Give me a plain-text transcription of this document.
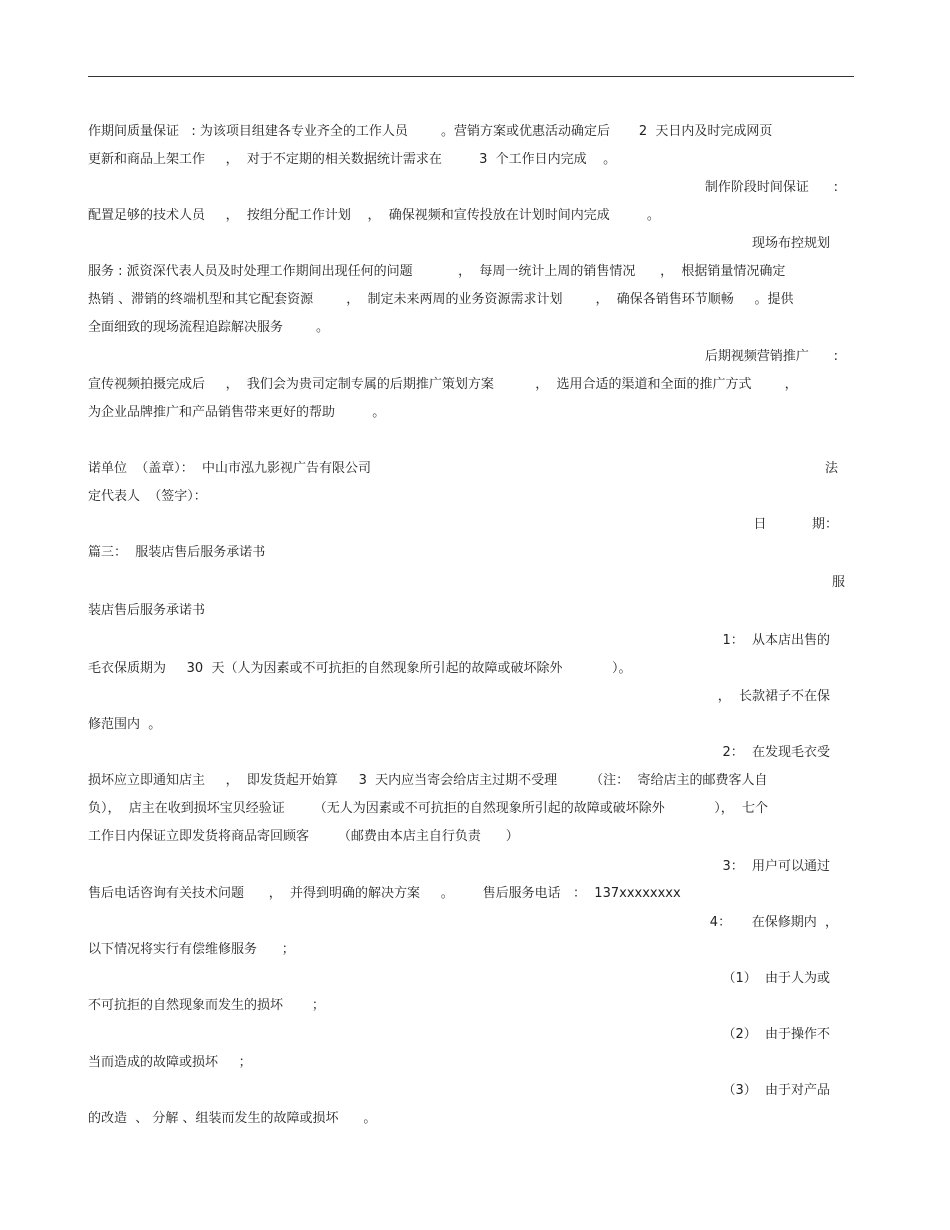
作期间质量保证   : 为该项目组建各专业齐全的工作人员        。营销方案或优惠活动确定后       2  天日内及时完成网页
更新和商品上架工作     ，  对于不定期的相关数据统计需求在         3  个工作日内完成    。
制作阶段时间保证      :
配置足够的技术人员     ，  按组分配工作计划    ，  确保视频和宣传投放在计划时间内完成         。
现场布控规划
服务 : 派资深代表人员及时处理工作期间出现任何的问题           ，  每周一统计上周的销售情况      ，  根据销量情况确定
热销 、滞销的终端机型和其它配套资源        ，  制定未来两周的业务资源需求计划        ，  确保各销售环节顺畅     。提供
全面细致的现场流程追踪解决服务        。
后期视频营销推广      :
宣传视频拍摄完成后     ，  我们会为贵司定制专属的后期推广策划方案          ，  选用合适的渠道和全面的推广方式        ，
为企业品牌推广和产品销售带来更好的帮助         。
诺单位  （盖章）：  中山市泓九影视广告有限公司	法
定代表人  （签字）：
日           期：
篇三：  服装店售后服务承诺书
服
装店售后服务承诺书
1：  从本店出售的
毛衣保质期为     30  天（人为因素或不可抗拒的自然现象所引起的故障或破坏除外            ）。
，  长款裙子不在保
修范围内  。
2：  在发现毛衣受
损坏应立即通知店主     ，  即发货起开始算     3  天内应当寄会给店主过期不受理        （注：  寄给店主的邮费客人自
负），  店主在收到损坏宝贝经验证       （无人为因素或不可抗拒的自然现象所引起的故障或破坏除外            ），  七个
工作日内保证立即发货将商品寄回顾客       （邮费由本店主自行负责      ）
3：  用户可以通过
售后电话咨询有关技术问题      ，  并得到明确的解决方案     。       售后服务电话   ：  137xxxxxxxx
4：     在保修期内  ，
以下情况将实行有偿维修服务      ；
（1）  由于人为或
不可抗拒的自然现象而发生的损坏       ；
（2）  由于操作不
当而造成的故障或损坏     ；
（3）  由于对产品
的改造  、 分解 、组装而发生的故障或损坏      。
